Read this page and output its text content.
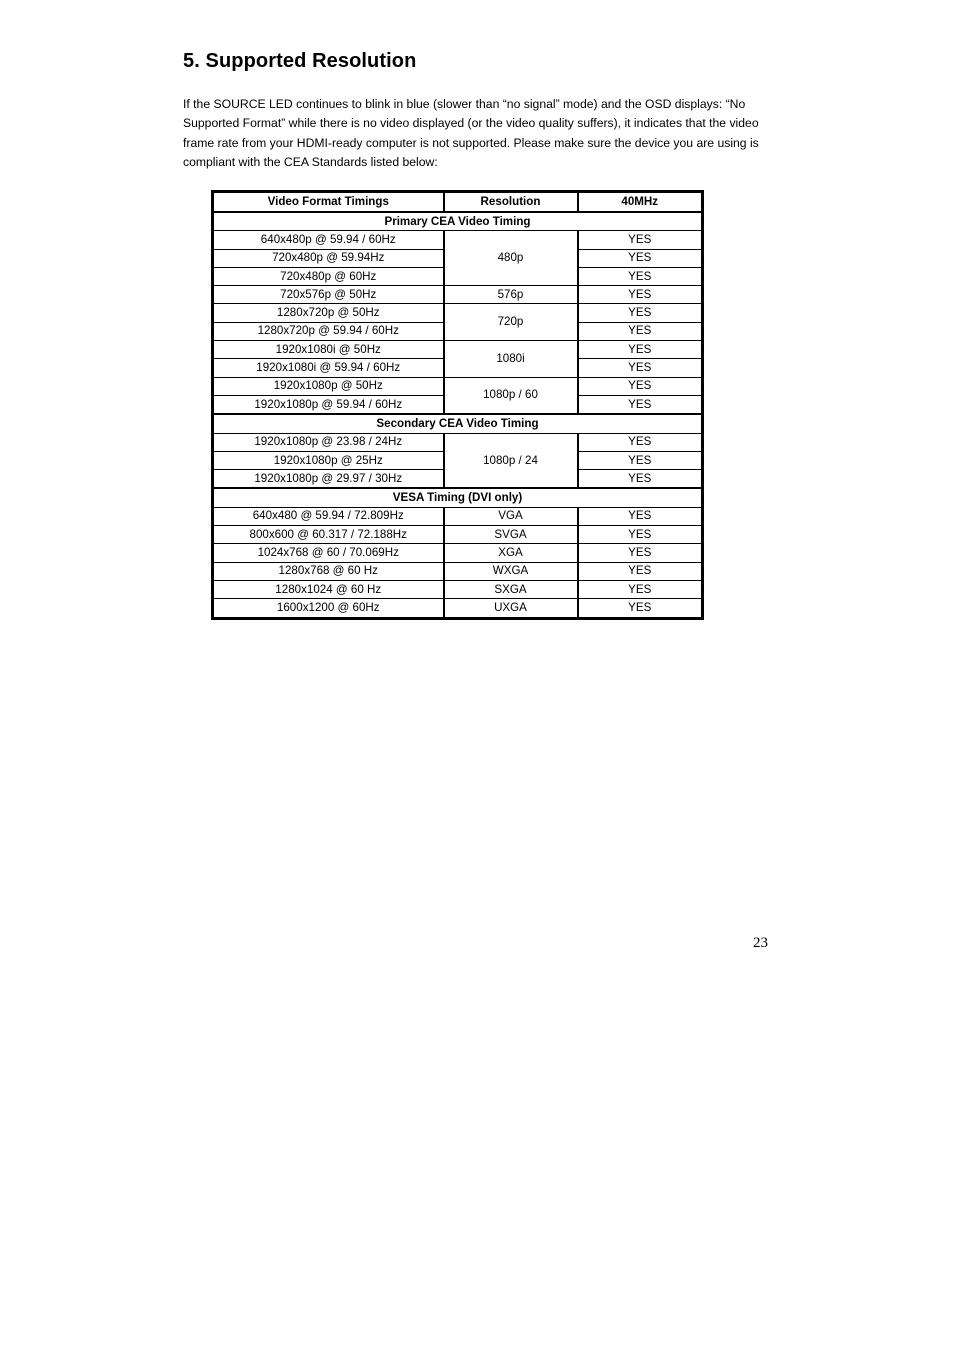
5. Supported Resolution

If the SOURCE LED continues to blink in blue (slower than “no signal” mode) and the OSD displays: “No Supported Format” while there is no video displayed (or the video quality suffers), it indicates that the video frame rate from your HDMI-ready computer is not supported. Please make sure the device you are using is compliant with the CEA Standards listed below:

Video Format Timings	Resolution	40MHz
Primary CEA Video Timing		
640x480p @ 59.94 / 60Hz	480p	YES
720x480p @ 59.94Hz		YES
720x480p @ 60Hz		YES
720x576p @ 50Hz	576p	YES
1280x720p @ 50Hz	720p	YES
1280x720p @ 59.94 / 60Hz		YES
1920x1080i @ 50Hz	1080i	YES
1920x1080i @ 59.94 / 60Hz		YES
1920x1080p @ 50Hz	1080p / 60	YES
1920x1080p @ 59.94 / 60Hz		YES
Secondary CEA Video Timing		
1920x1080p @ 23.98 / 24Hz	1080p / 24	YES
1920x1080p @ 25Hz		YES
1920x1080p @ 29.97 / 30Hz		YES
VESA Timing (DVI only)		
640x480 @ 59.94 / 72.809Hz	VGA	YES
800x600 @ 60.317 / 72.188Hz	SVGA	YES
1024x768 @ 60 / 70.069Hz	XGA	YES
1280x768 @ 60 Hz	WXGA	YES
1280x1024 @ 60 Hz	SXGA	YES
1600x1200 @ 60Hz	UXGA	YES
23
